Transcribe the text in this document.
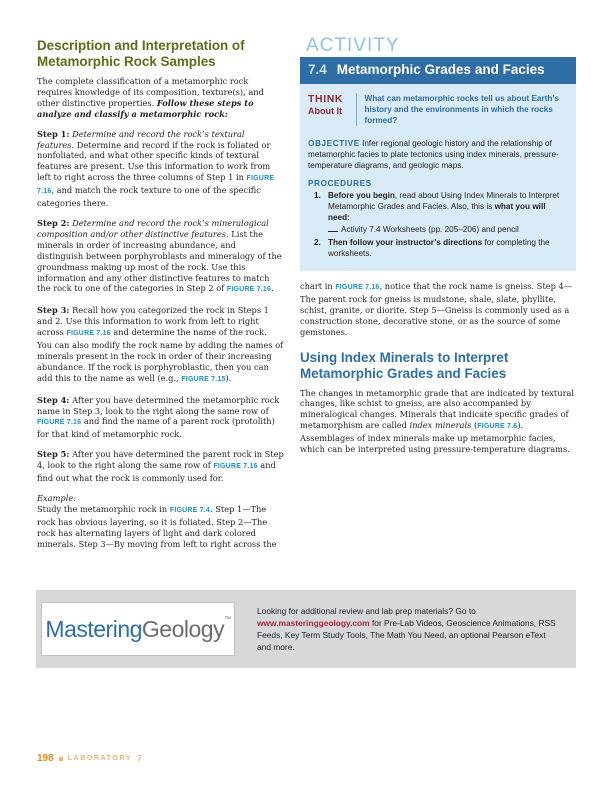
Description and Interpretation of Metamorphic Rock Samples

The complete classification of a metamorphic rock requires knowledge of its composition, texture(s), and other distinctive properties. Follow these steps to analyze and classify a metamorphic rock:

Step 1: Determine and record the rock’s textural features. Determine and record if the rock is foliated or nonfoliated, and what other specific kinds of textural features are present. Use this information to work from left to right across the three columns of Step 1 in FIGURE 7.16, and match the rock texture to one of the specific categories there.

Step 2: Determine and record the rock’s mineralogical composition and/or other distinctive features. List the minerals in order of increasing abundance, and distinguish between porphyroblasts and mineralogy of the groundmass making up most of the rock. Use this information and any other distinctive features to match the rock to one of the categories in Step 2 of FIGURE 7.16.

Step 3: Recall how you categorized the rock in Steps 1 and 2. Use this information to work from left to right across FIGURE 7.16 and determine the name of the rock. You can also modify the rock name by adding the names of minerals present in the rock in order of their increasing abundance. If the rock is porphyroblastic, then you can add this to the name as well (e.g., FIGURE 7.15).

Step 4: After you have determined the metamorphic rock name in Step 3, look to the right along the same row of FIGURE 7.16 and find the name of a parent rock (protolith) for that kind of metamorphic rock.

Step 5: After you have determined the parent rock in Step 4, look to the right along the same row of FIGURE 7.16 and find out what the rock is commonly used for.

Example:
Study the metamorphic rock in FIGURE 7.4. Step 1—The rock has obvious layering, so it is foliated. Step 2—The rock has alternating layers of light and dark colored minerals. Step 3—By moving from left to right across the

ACTIVITY
7.4 Metamorphic Grades and Facies
THINK
About It
What can metamorphic rocks tell us about Earth’s history and the environments in which the rocks formed?
OBJECTIVE Infer regional geologic history and the relationship of metamorphic facies to plate tectonics using index minerals, pressure-temperature diagrams, and geologic maps.
PROCEDURES
1. Before you begin, read about Using Index Minerals to Interpret Metamorphic Grades and Facies. Also, this is what you will need:
Activity 7.4 Worksheets (pp. 205–206) and pencil
2. Then follow your instructor’s directions for completing the worksheets.

chart in FIGURE 7.16, notice that the rock name is gneiss. Step 4—The parent rock for gneiss is mudstone, shale, slate, phyllite, schist, granite, or diorite. Step 5—Gneiss is commonly used as a construction stone, decorative stone, or as the source of some gemstones.

Using Index Minerals to Interpret Metamorphic Grades and Facies

The changes in metamorphic grade that are indicated by textural changes, like schist to gneiss, are also accompanied by mineralogical changes. Minerals that indicate specific grades of metamorphism are called index minerals (FIGURE 7.6). Assemblages of index minerals make up metamorphic facies, which can be interpreted using pressure-temperature diagrams.

MasteringGeology™
Looking for additional review and lab prep materials? Go to www.masteringgeology.com for Pre-Lab Videos, Geoscience Animations, RSS Feeds, Key Term Study Tools, The Math You Need, an optional Pearson eText and more.
198 LABORATORY 7
